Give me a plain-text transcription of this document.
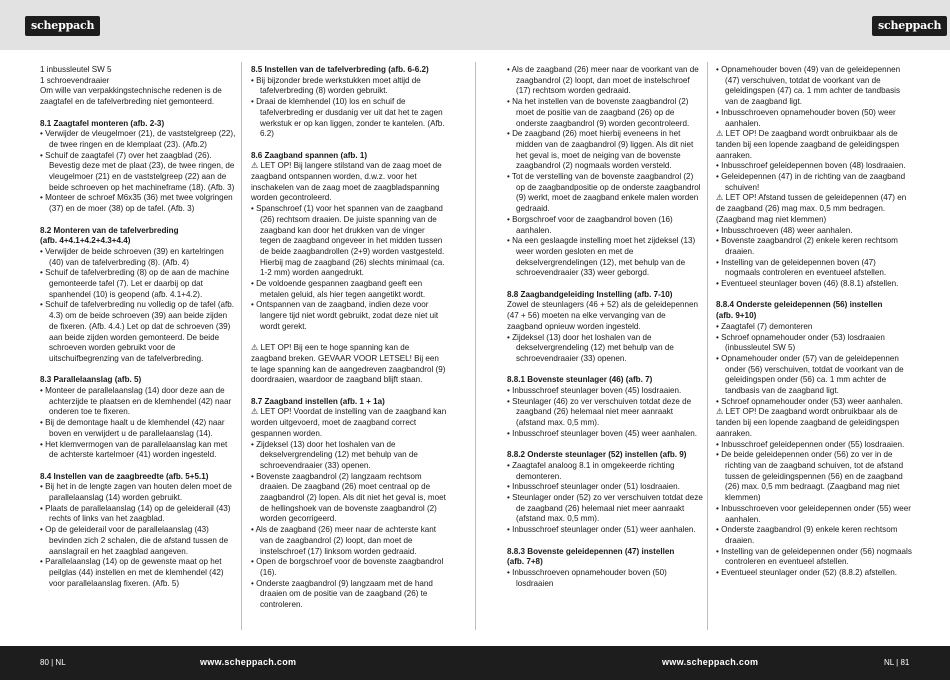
scheppach	scheppach

1 inbussleutel SW 5

1 schroevendraaier

Om wille van verpakkingstechnische redenen is de zaagtafel en de tafelverbreding niet gemonteerd.

8.1 Zaagtafel monteren (afb. 2-3)

• Verwijder de vleugelmoer (21), de vaststelgreep (22), de twee ringen en de klemplaat (23). (Afb.2)

• Schuif de zaagtafel (7) over het zaagblad (26). Bevestig deze met de plaat (23), de twee ringen, de vleugelmoer (21) en de vaststelgreep (22) aan de beide schroeven op het machineframe (18). (Afb. 3)

• Monteer de schroef M6x35 (36) met twee volgringen (37) en de moer (38) op de tafel. (Afb. 3)

8.2 Monteren van de tafelverbreding

(afb. 4+4.1+4.2+4.3+4.4)

• Verwijder de beide schroeven (39) en kartelringen (40) van de tafelverbreding (8). (Afb. 4)

• Schuif de tafelverbreding (8) op de aan de machine gemonteerde tafel (7). Let er daarbij op dat spanhendel (10) is geopend (afb. 4.1+4.2).

• Schuif de tafelverbreding nu volledig op de tafel (afb. 4.3) om de beide schroeven (39) aan beide zijden de fixeren. (Afb. 4.4.) Let op dat de schroeven (39) aan beide zijden worden gemonteerd. De beide schroeven worden gebruikt voor de uitschuifbegrenzing van de tafelverbreding.

8.3 Parallelaanslag (afb. 5)

• Monteer de parallelaanslag (14) door deze aan de achterzijde te plaatsen en de klemhendel (42) naar onderen toe te fixeren.

• Bij de demontage haalt u de klemhendel (42) naar boven en verwijdert u de parallelaanslag (14).

• Het klemvermogen van de parallelaanslag kan met de achterste kartelmoer (41) worden ingesteld.

8.4 Instellen van de zaagbreedte (afb. 5+5.1)

• Bij het in de lengte zagen van houten delen moet de parallelaanslag (14) worden gebruikt.

• Plaats de parallelaanslag (14) op de geleiderail (43) rechts of links van het zaagblad.

• Op de geleiderail voor de parallelaanslag (43) bevinden zich 2 schalen, die de afstand tussen de aanslagrail en het zaagblad aangeven.

• Parallelaanslag (14) op de gewenste maat op het peilglas (44) instellen en met de klemhendel (42) voor parallelaanslag fixeren. (Afb. 5)

8.5 Instellen van de tafelverbreding (afb. 6-6.2)

• Bij bijzonder brede werkstukken moet altijd de tafelverbreding (8) worden gebruikt.

• Draai de klemhendel (10) los en schuif de tafelverbreding er dusdanig ver uit dat het te zagen werkstuk er op kan liggen, zonder te kantelen. (Afb. 6.2)

8.6 Zaagband spannen (afb. 1)

⚠ LET OP! Bij langere stilstand van de zaag moet de zaagband ontspannen worden, d.w.z. voor het inschakelen van de zaag moet de zaagbladspanning worden gecontroleerd.

• Spanschroef (1) voor het spannen van de zaagband (26) rechtsom draaien. De juiste spanning van de zaagband kan door het drukken van de vinger tegen de zaagband ongeveer in het midden tussen de beide zaagbandrollen (2+9) worden vastgesteld. Hierbij mag de zaagband (26) slechts minimaal (ca. 1-2 mm) worden aangedrukt.

• De voldoende gespannen zaagband geeft een metalen geluid, als hier tegen aangetikt wordt.

• Ontspannen van de zaagband, indien deze voor langere tijd niet wordt gebruikt, zodat deze niet uit wordt gerekt.

⚠ LET OP! Bij een te hoge spanning kan de zaagband breken. GEVAAR VOOR LETSEL! Bij een te lage spanning kan de aangedreven zaagbandrol (9) doordraaien, waardoor de zaagband blijft staan.

8.7 Zaagband instellen (afb. 1 + 1a)

⚠ LET OP! Voordat de instelling van de zaagband kan worden uitgevoerd, moet de zaagband correct gespannen worden.

• Zijdeksel (13) door het loshalen van de dekselvergrendeling (12) met behulp van de schroevendraaier (33) openen.

• Bovenste zaagbandrol (2) langzaam rechtsom draaien. De zaagband (26) moet centraal op de zaagbandrol (2) lopen. Als dit niet het geval is, moet de hellingshoek van de bovenste zaagbandrol (2) worden gecorrigeerd.

• Als de zaagband (26) meer naar de achterste kant van de zaagbandrol (2) loopt, dan moet de instelschroef (17) linksom worden gedraaid.

• Open de borgschroef voor de bovenste zaagbandrol (16).

• Onderste zaagbandrol (9) langzaam met de hand draaien om de positie van de zaagband (26) te controleren.

• Als de zaagband (26) meer naar de voorkant van de zaagbandrol (2) loopt, dan moet de instelschroef (17) rechtsom worden gedraaid.

• Na het instellen van de bovenste zaagbandrol (2) moet de positie van de zaagband (26) op de onderste zaagbandrol (9) worden gecontroleerd.

• De zaagband (26) moet hierbij eveneens in het midden van de zaagbandrol (9) liggen. Als dit niet het geval is, moet de neiging van de bovenste zaagbandrol (2) nogmaals worden versteld.

• Tot de verstelling van de bovenste zaagbandrol (2) op de zaagbandpositie op de onderste zaagbandrol (9) werkt, moet de zaagband enkele malen worden gedraaid.

• Borgschroef voor de zaagbandrol boven (16) aanhalen.

• Na een geslaagde instelling moet het zijdeksel (13) weer worden gesloten en met de dekselvergrendelingen (12), met behulp van de schroevendraaier (33) weer geborgd.

8.8 Zaagbandgeleiding Instelling (afb. 7-10)

Zowel de steunlagers (46 + 52) als de geleidepennen (47 + 56) moeten na elke vervanging van de zaagband opnieuw worden ingesteld.

• Zijdeksel (13) door het loshalen van de dekselvergrendeling (12) met behulp van de schroevendraaier (33) openen.

8.8.1 Bovenste steunlager (46) (afb. 7)

• Inbusschroef steunlager boven (45) losdraaien.

• Steunlager (46) zo ver verschuiven totdat deze de zaagband (26) helemaal niet meer aanraakt (afstand max. 0,5 mm).

• Inbusschroef steunlager boven (45) weer aanhalen.

8.8.2 Onderste steunlager (52) instellen (afb. 9)

• Zaagtafel analoog 8.1 in omgekeerde richting demonteren.

• Inbusschroef steunlager onder (51) losdraaien.

• Steunlager onder (52) zo ver verschuiven totdat deze de zaagband (26) helemaal niet meer aanraakt (afstand max. 0,5 mm).

• Inbusschroef steunlager onder (51) weer aanhalen.

8.8.3 Bovenste geleidepennen (47) instellen

(afb. 7+8)

• Inbusschroeven opnamehouder boven (50) losdraaien

• Opnamehouder boven (49) van de geleidepennen (47) verschuiven, totdat de voorkant van de geleidingspen (47) ca. 1 mm achter de tandbasis van de zaagband ligt.

• Inbusschroeven opnamehouder boven (50) weer aanhalen.

⚠ LET OP! De zaagband wordt onbruikbaar als de tanden bij een lopende zaagband de geleidingspen aanraken.

• Inbusschroef geleidepennen boven (48) losdraaien.

• Geleidepennen (47) in de richting van de zaagband schuiven!

⚠ LET OP! Afstand tussen de geleidepennen (47) en de zaagband (26) mag max. 0,5 mm bedragen. (Zaagband mag niet klemmen)

• Inbusschroeven (48) weer aanhalen.

• Bovenste zaagbandrol (2) enkele keren rechtsom draaien.

• Instelling van de geleidepennen boven (47) nogmaals controleren en eventueel afstellen.

• Eventueel steunlager boven (46) (8.8.1) afstellen.

8.8.4 Onderste geleidepennen (56) instellen

(afb. 9+10)

• Zaagtafel (7) demonteren

• Schroef opnamehouder onder (53) losdraaien (inbussleutel SW 5)

• Opnamehouder onder (57) van de geleidepennen onder (56) verschuiven, totdat de voorkant van de geleidingspen onder (56) ca. 1 mm achter de tandbasis van de zaagband ligt.

• Schroef opnamehouder onder (53) weer aanhalen.

⚠ LET OP! De zaagband wordt onbruikbaar als de tanden bij een lopende zaagband de geleidingspen aanraken.

• Inbusschroef geleidepennen onder (55) losdraaien.

• De beide geleidepennen onder (56) zo ver in de richting van de zaagband schuiven, tot de afstand tussen de geleidingspennen (56) en de zaagband (26) max. 0,5 mm bedraagt. (Zaagband mag niet klemmen)

• Inbusschroeven voor geleidepennen onder (55) weer aanhalen.

• Onderste zaagbandrol (9) enkele keren rechtsom draaien.

• Instelling van de geleidepennen onder (56) nogmaals controleren en eventueel afstellen.

• Eventueel steunlager onder (52) (8.8.2) afstellen.

80 | NL	www.scheppach.com	www.scheppach.com	NL | 81
